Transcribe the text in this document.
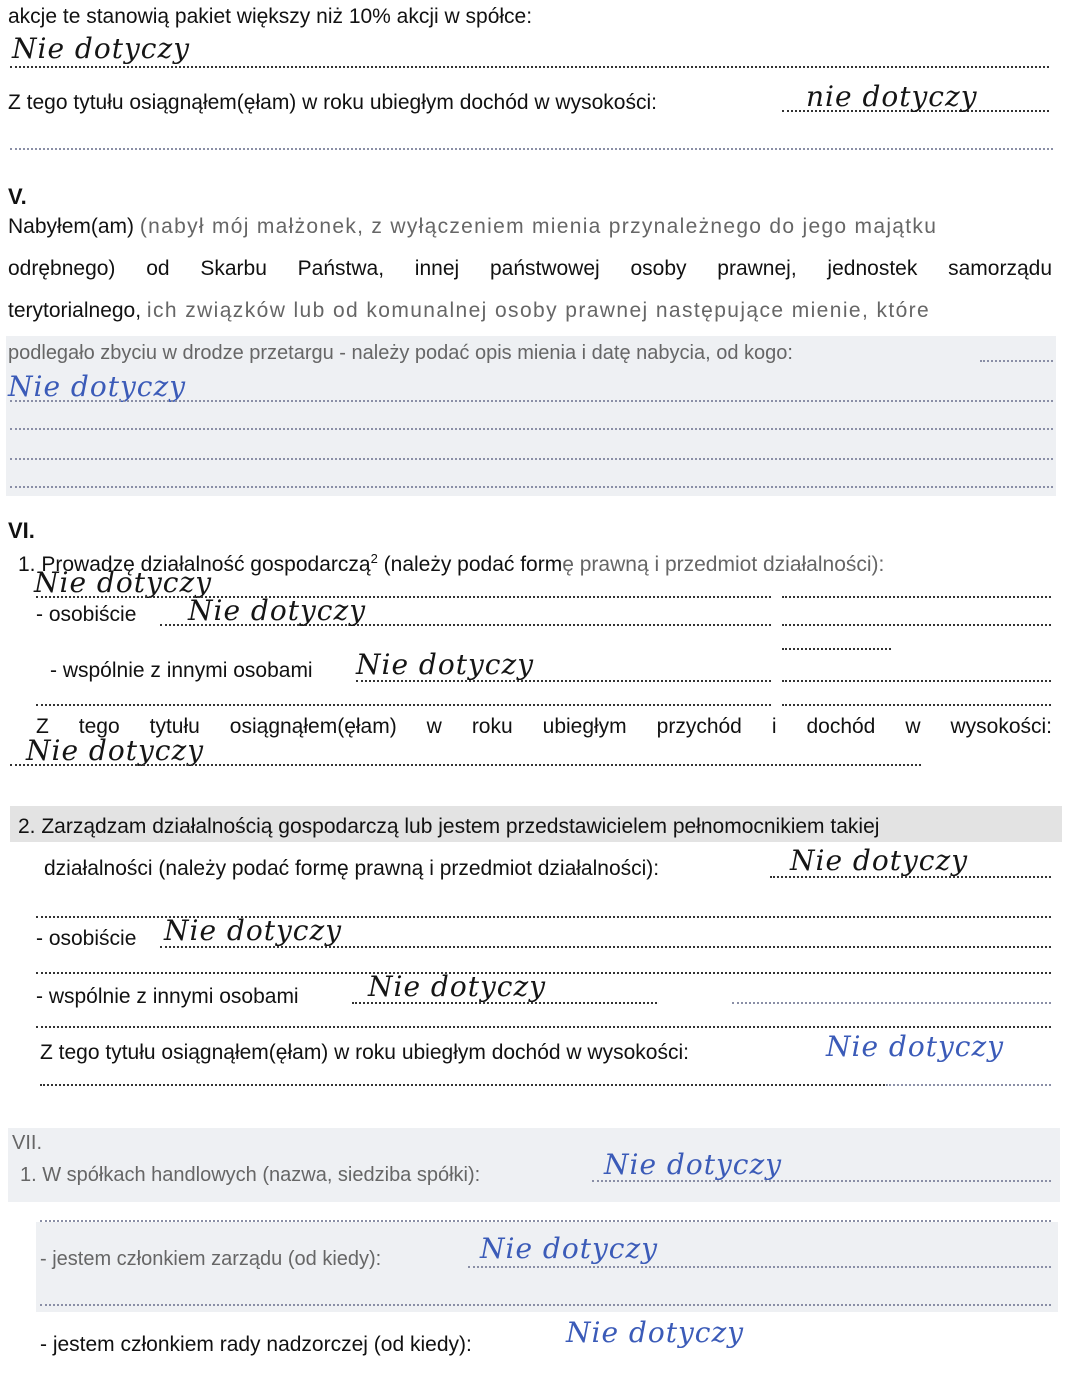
akcje te stanowią pakiet większy niż 10% akcji w spółce:
Nie dotyczy
Z tego tytułu osiągnąłem(ęłam) w roku ubiegłym dochód w wysokości:	nie dotyczy
V.
Nabyłem(am) (nabył mój małżonek, z wyłączeniem mienia przynależnego do jego majątku
odrębnego) od Skarbu Państwa, innej państwowej osoby prawnej, jednostek samorządu
terytorialnego, ich związków lub od komunalnej osoby prawnej następujące mienie, które
podlegało zbyciu w drodze przetargu - należy podać opis mienia i datę nabycia, od kogo:
Nie dotyczy
VI.
1. Prowadzę działalność gospodarczą$^2$ (należy podać formę prawną i przedmiot działalności):
Nie dotyczy
- osobiście Nie dotyczy
- wspólnie z innymi osobami Nie dotyczy
Z tego tytułu osiągnąłem(ęłam) w roku ubiegłym przychód i dochód w wysokości:
Nie dotyczy
2. Zarządzam działalnością gospodarczą lub jestem przedstawicielem pełnomocnikiem takiej
działalności (należy podać formę prawną i przedmiot działalności):	Nie dotyczy
- osobiście Nie dotyczy
- wspólnie z innymi osobami Nie dotyczy
Z tego tytułu osiągnąłem(ęłam) w roku ubiegłym dochód w wysokości:	Nie dotyczy
VII.
1. W spółkach handlowych (nazwa, siedziba spółki):	Nie dotyczy
- jestem członkiem zarządu (od kiedy):	Nie dotyczy
- jestem członkiem rady nadzorczej (od kiedy):	Nie dotyczy
